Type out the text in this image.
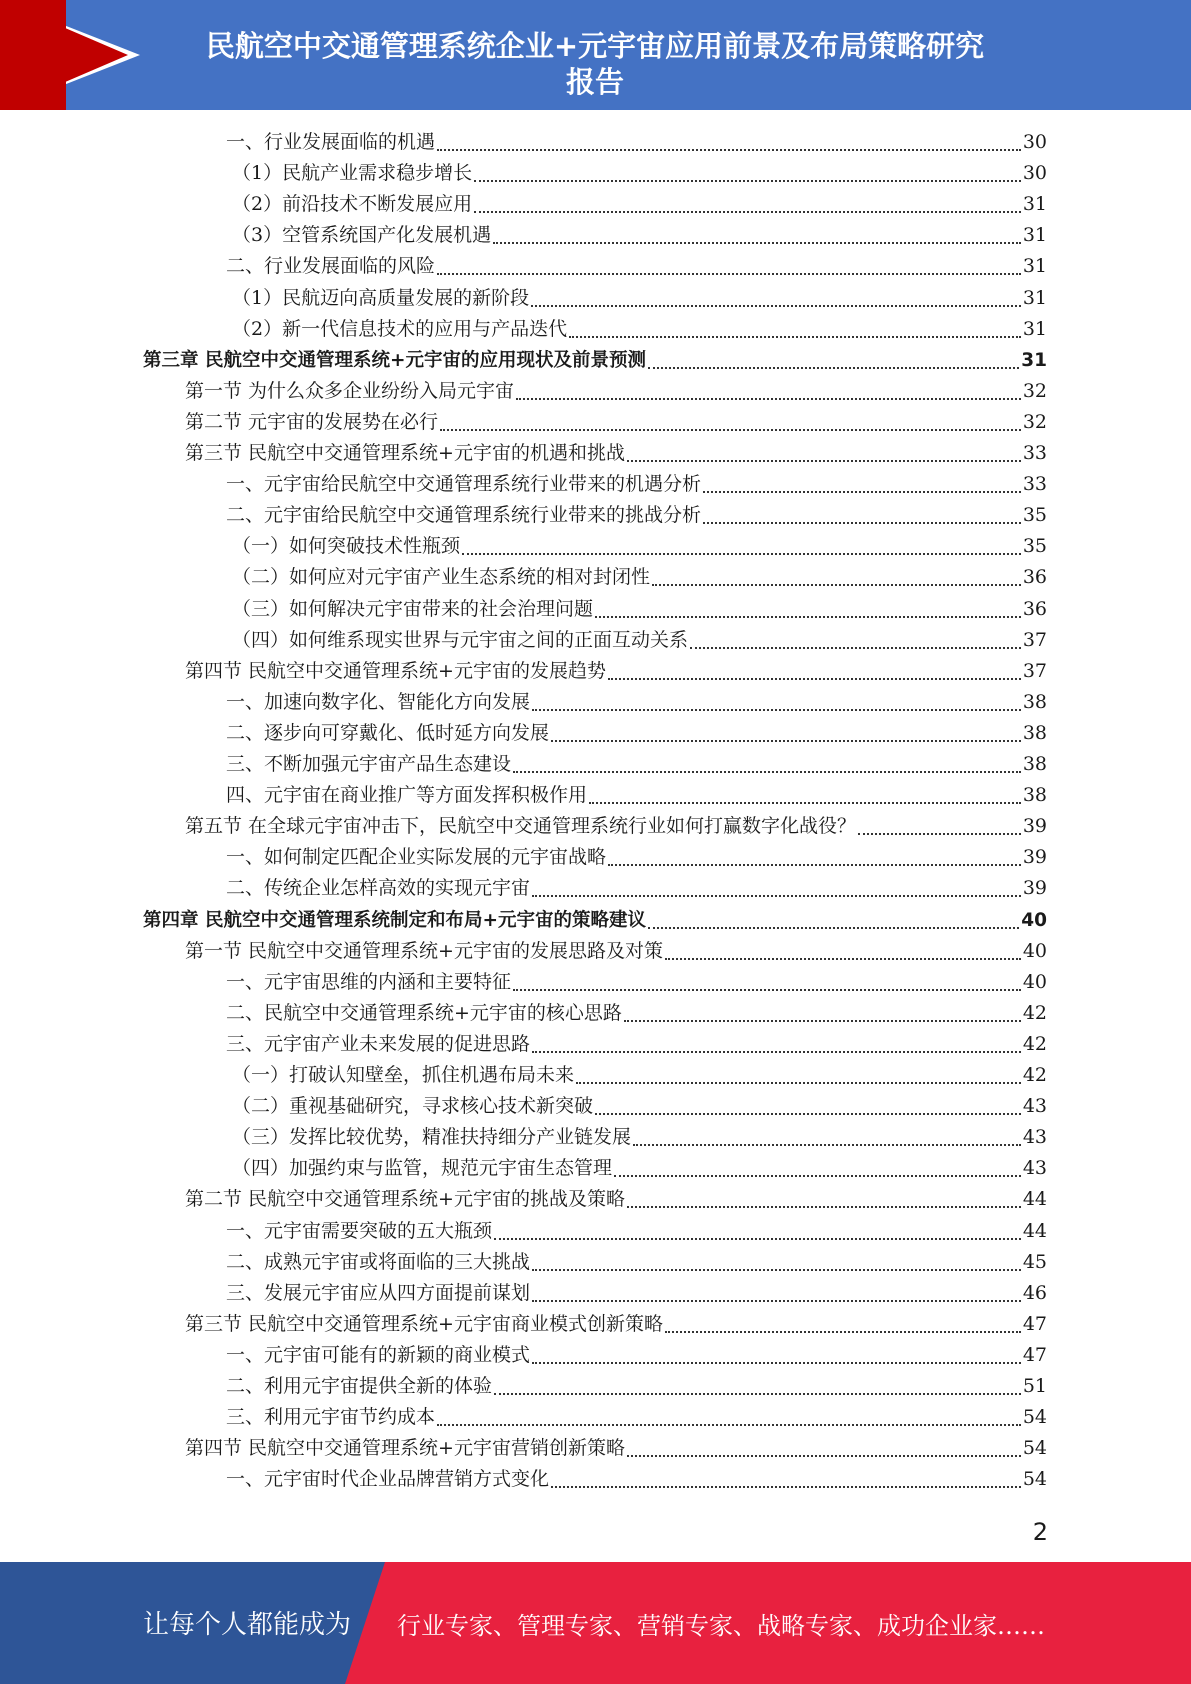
民航空中交通管理系统企业+元宇宙应用前景及布局策略研究
报告
一、行业发展面临的机遇	30
（1）民航产业需求稳步增长	30
（2）前沿技术不断发展应用	31
（3）空管系统国产化发展机遇	31
二、行业发展面临的风险	31
（1）民航迈向高质量发展的新阶段	31
（2）新一代信息技术的应用与产品迭代	31
第三章 民航空中交通管理系统+元宇宙的应用现状及前景预测	31
第一节 为什么众多企业纷纷入局元宇宙	32
第二节 元宇宙的发展势在必行	32
第三节 民航空中交通管理系统+元宇宙的机遇和挑战	33
一、元宇宙给民航空中交通管理系统行业带来的机遇分析	33
二、元宇宙给民航空中交通管理系统行业带来的挑战分析	35
（一）如何突破技术性瓶颈	35
（二）如何应对元宇宙产业生态系统的相对封闭性	36
（三）如何解决元宇宙带来的社会治理问题	36
（四）如何维系现实世界与元宇宙之间的正面互动关系	37
第四节 民航空中交通管理系统+元宇宙的发展趋势	37
一、加速向数字化、智能化方向发展	38
二、逐步向可穿戴化、低时延方向发展	38
三、不断加强元宇宙产品生态建设	38
四、元宇宙在商业推广等方面发挥积极作用	38
第五节 在全球元宇宙冲击下，民航空中交通管理系统行业如何打赢数字化战役？	39
一、如何制定匹配企业实际发展的元宇宙战略	39
二、传统企业怎样高效的实现元宇宙	39
第四章 民航空中交通管理系统制定和布局+元宇宙的策略建议	40
第一节 民航空中交通管理系统+元宇宙的发展思路及对策	40
一、元宇宙思维的内涵和主要特征	40
二、民航空中交通管理系统+元宇宙的核心思路	42
三、元宇宙产业未来发展的促进思路	42
（一）打破认知壁垒，抓住机遇布局未来	42
（二）重视基础研究，寻求核心技术新突破	43
（三）发挥比较优势，精准扶持细分产业链发展	43
（四）加强约束与监管，规范元宇宙生态管理	43
第二节 民航空中交通管理系统+元宇宙的挑战及策略	44
一、元宇宙需要突破的五大瓶颈	44
二、成熟元宇宙或将面临的三大挑战	45
三、发展元宇宙应从四方面提前谋划	46
第三节 民航空中交通管理系统+元宇宙商业模式创新策略	47
一、元宇宙可能有的新颖的商业模式	47
二、利用元宇宙提供全新的体验	51
三、利用元宇宙节约成本	54
第四节 民航空中交通管理系统+元宇宙营销创新策略	54
一、元宇宙时代企业品牌营销方式变化	54
2
让每个人都能成为 行业专家、管理专家、营销专家、战略专家、成功企业家……
